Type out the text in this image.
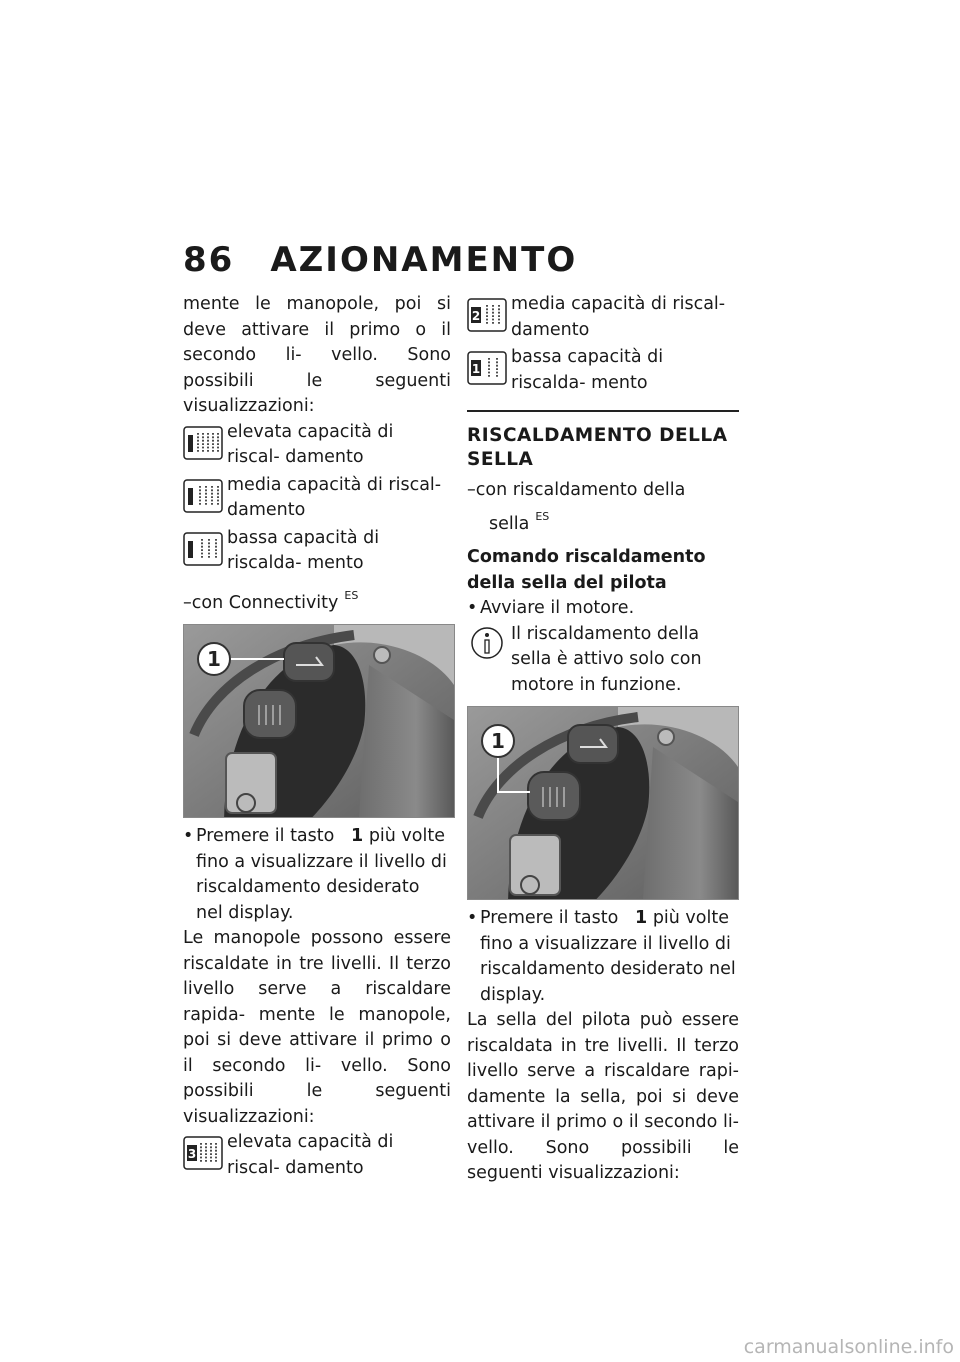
86 AZIONAMENTO

mente le manopole, poi si deve attivare il primo o il secondo li- vello. Sono possibili le seguenti visualizzazioni:

elevata capacità di riscal- damento
media capacità di riscal- damento
bassa capacità di riscalda- mento

–con Connectivity $^{ES}$

1

• Premere il tasto 1 più volte fino a visualizzare il livello di riscaldamento desiderato nel display.

Le manopole possono essere riscaldate in tre livelli. Il terzo livello serve a riscaldare rapida- mente le manopole, poi si deve attivare il primo o il secondo li- vello. Sono possibili le seguenti visualizzazioni:

3
elevata capacità di riscal- damento
2
media capacità di riscal- damento
1
bassa capacità di riscalda- mento
RISCALDAMENTO DELLA SELLA

–con riscaldamento della
sella $^{ES}$

Comando riscaldamento della sella del pilota

• Avviare il motore.

Il riscaldamento della sella è attivo solo con motore in funzione.
1

• Premere il tasto 1 più volte fino a visualizzare il livello di riscaldamento desiderato nel display.

La sella del pilota può essere riscaldata in tre livelli. Il terzo livello serve a riscaldare rapi- damente la sella, poi si deve attivare il primo o il secondo li- vello. Sono possibili le seguenti visualizzazioni:

carmanualsonline.info
